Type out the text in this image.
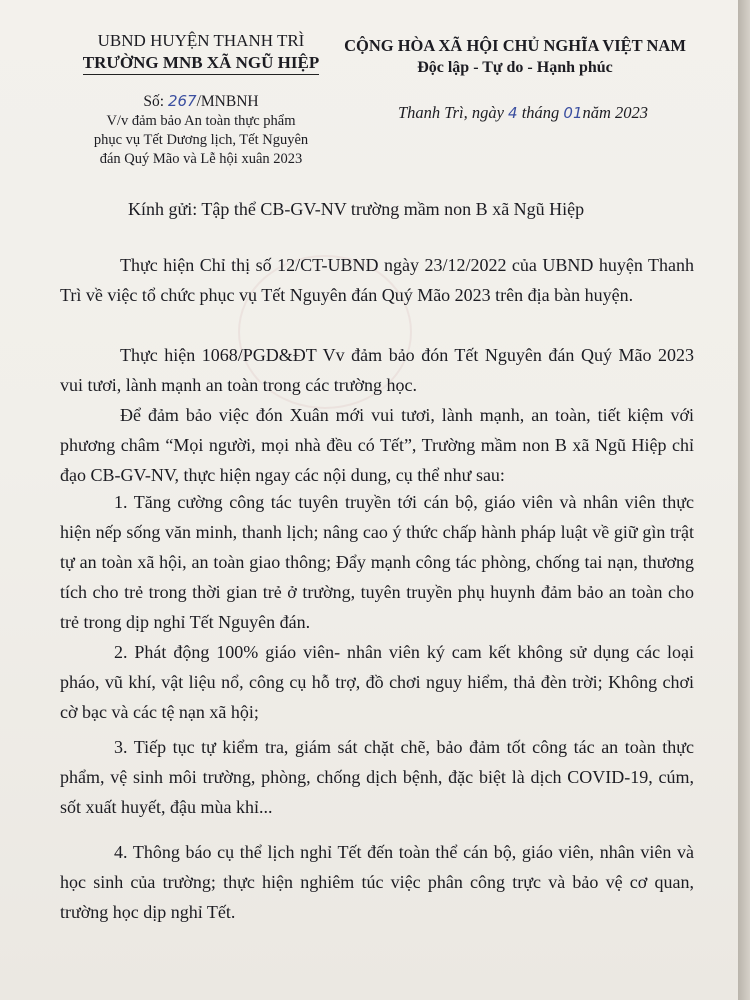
UBND HUYỆN THANH TRÌ
TRƯỜNG MNB XÃ NGŨ HIỆP
Số: 267/MNBNH
V/v đảm bảo An toàn thực phẩm
phục vụ Tết Dương lịch, Tết Nguyên
đán Quý Mão và Lễ hội xuân 2023
CỘNG HÒA XÃ HỘI CHỦ NGHĨA VIỆT NAM
Độc lập - Tự do - Hạnh phúc
Thanh Trì, ngày 4 tháng 01năm 2023
Kính gửi: Tập thể CB-GV-NV trường mầm non B xã Ngũ Hiệp
Thực hiện Chỉ thị số 12/CT-UBND ngày 23/12/2022 của UBND huyện Thanh Trì về việc tổ chức phục vụ Tết Nguyên đán Quý Mão 2023 trên địa bàn huyện.
Thực hiện 1068/PGD&ĐT Vv đảm bảo đón Tết Nguyên đán Quý Mão 2023 vui tươi, lành mạnh an toàn trong các trường học.
Để đảm bảo việc đón Xuân mới vui tươi, lành mạnh, an toàn, tiết kiệm với phương châm “Mọi người, mọi nhà đều có Tết”, Trường mầm non B xã Ngũ Hiệp chỉ đạo CB-GV-NV, thực hiện ngay các nội dung, cụ thể như sau:
1. Tăng cường công tác tuyên truyền tới cán bộ, giáo viên và nhân viên thực hiện nếp sống văn minh, thanh lịch; nâng cao ý thức chấp hành pháp luật về giữ gìn trật tự an toàn xã hội, an toàn giao thông; Đẩy mạnh công tác phòng, chống tai nạn, thương tích cho trẻ trong thời gian trẻ ở trường, tuyên truyền phụ huynh đảm bảo an toàn cho trẻ trong dịp nghỉ Tết Nguyên đán.
2. Phát động 100% giáo viên- nhân viên ký cam kết không sử dụng các loại pháo, vũ khí, vật liệu nổ, công cụ hỗ trợ, đồ chơi nguy hiểm, thả đèn trời; Không chơi cờ bạc và các tệ nạn xã hội;
3. Tiếp tục tự kiểm tra, giám sát chặt chẽ, bảo đảm tốt công tác an toàn thực phẩm, vệ sinh môi trường, phòng, chống dịch bệnh, đặc biệt là dịch COVID-19, cúm, sốt xuất huyết, đậu mùa khỉ...
4. Thông báo cụ thể lịch nghỉ Tết đến toàn thể cán bộ, giáo viên, nhân viên và học sinh của trường; thực hiện nghiêm túc việc phân công trực và bảo vệ cơ quan, trường học dịp nghỉ Tết.
